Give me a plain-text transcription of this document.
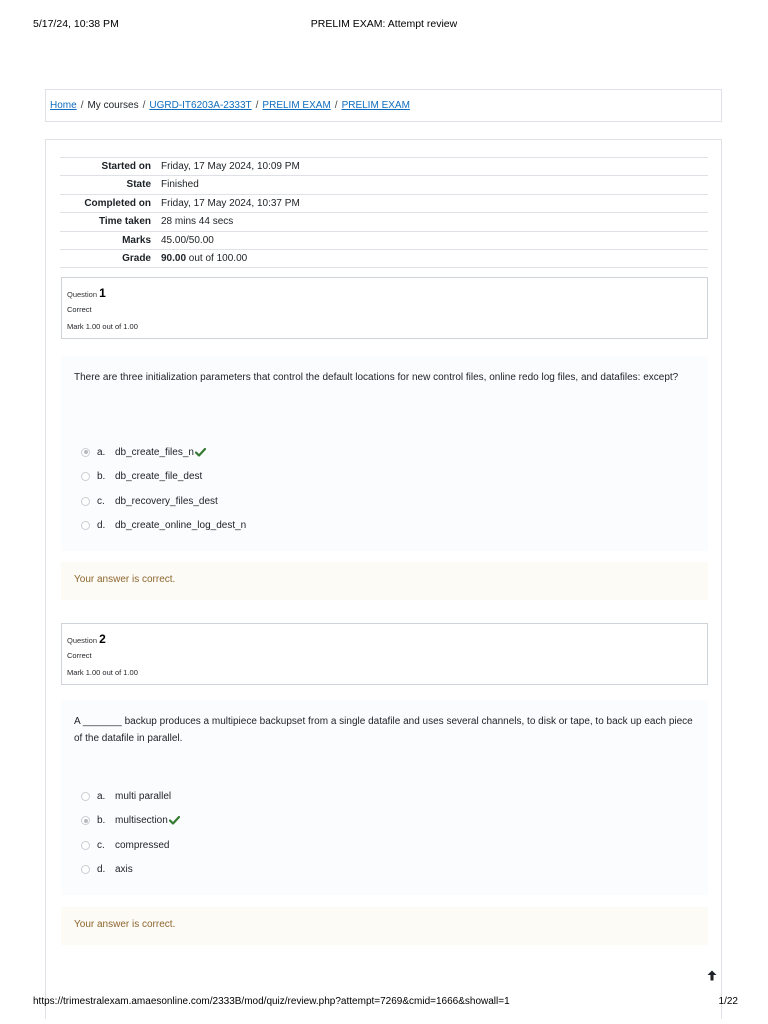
5/17/24, 10:38 PM	PRELIM EXAM: Attempt review
Home / My courses / UGRD-IT6203A-2333T / PRELIM EXAM / PRELIM EXAM
Started on	Friday, 17 May 2024, 10:09 PM
State	Finished
Completed on	Friday, 17 May 2024, 10:37 PM
Time taken	28 mins 44 secs
Marks	45.00/50.00
Grade	90.00 out of 100.00
Question 1
Correct
Mark 1.00 out of 1.00
There are three initialization parameters that control the default locations for new control files, online redo log files, and datafiles: except?
a. db_create_files_n
b. db_create_file_dest
c.	db_recovery_files_dest
d. db_create_online_log_dest_n
Your answer is correct.
Question 2
Correct
Mark 1.00 out of 1.00
A _______ backup produces a multipiece backupset from a single datafile and uses several channels, to disk or tape, to back up each piece of the datafile in parallel.
a. multi parallel
b. multisection
c.	compressed
d. axis
Your answer is correct.
https://trimestralexam.amaesonline.com/2333B/mod/quiz/review.php?attempt=7269&cmid=1666&showall=1	1/22
